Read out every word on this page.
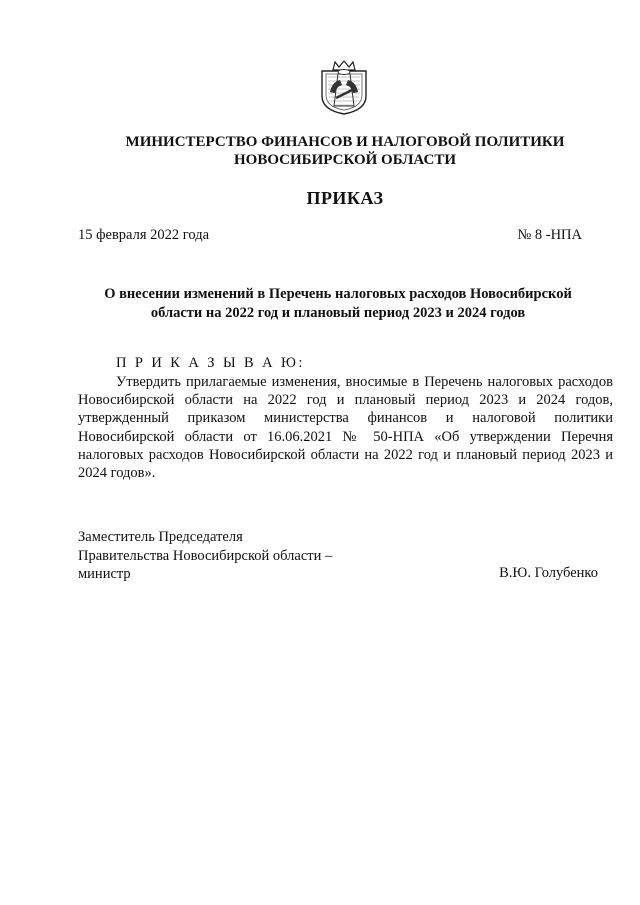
МИНИСТЕРСТВО ФИНАНСОВ И НАЛОГОВОЙ ПОЛИТИКИ
НОВОСИБИРСКОЙ ОБЛАСТИ
ПРИКАЗ
15 февраля 2022 года	№ 8 -НПА
О внесении изменений в Перечень налоговых расходов Новосибирской
области на 2022 год и плановый период 2023 и 2024 годов
П Р И К А З Ы В А Ю:

Утвердить прилагаемые изменения, вносимые в Перечень налоговых расходов Новосибирской области на 2022 год и плановый период 2023 и 2024 годов, утвержденный приказом министерства финансов и налоговой политики Новосибирской области от 16.06.2021 № 50-НПА «Об утверждении Перечня налоговых расходов Новосибирской области на 2022 год и плановый период 2023 и 2024 годов».

Заместитель Председателя
Правительства Новосибирской области –
министр	В.Ю. Голубенко
